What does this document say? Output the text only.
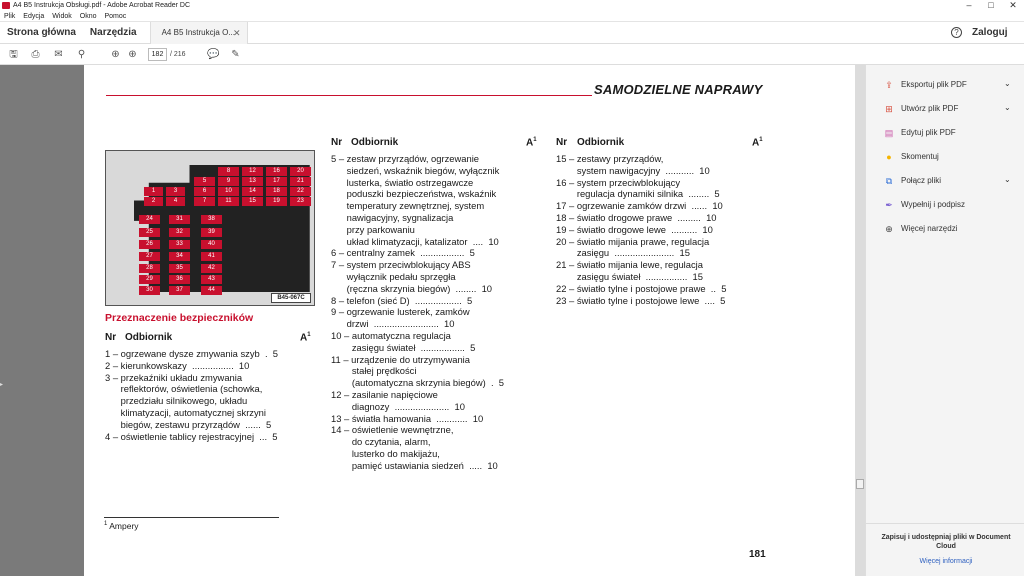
A4 B5 Instrukcja Obsługi.pdf - Adobe Acrobat Reader DC	–	□	✕
Plik Edycja Widok Okno Pomoc
Strona główna	Narzędzia	A4 B5 Instrukcja O...
✕	?	Zaloguj
🖫 ⎙ ✉ ⚲	⊕ ⊕	💬 ✎
182 / 216
▸
SAMODZIELNE NAPRAWY
8	12	16	20
5	9	13	17	21
1	3	6	10	14	18	22
2	4	7	11	15	19	23
24	31	38
25	32	39
26	33	40
27	34	41
28	35	42
29	36	43
30	37	44
B45-067C
Przeznaczenie bezpieczników
Nr Odbiornik	$A^1$
1 – ogrzewane dysze zmywania szyb  .  5
2 – kierunkowskazy  ................  10
3 – przekaźniki układu zmywania
reflektorów, oświetlenia (schowka,
przedziału silnikowego, układu
klimatyzacji, automatycznej skrzyni
biegów, zestawu przyrządów  ......  5
4 – oświetlenie tablicy rejestracyjnej  ...  5
Nr Odbiornik	$A^1$
5 – zestaw przyrządów, ogrzewanie
siedzeń, wskaźnik biegów, wyłącznik
lusterka, światło ostrzegawcze
poduszki bezpieczeństwa, wskaźnik
temperatury zewnętrznej, system
nawigacyjny, sygnalizacja
przy parkowaniu
układ klimatyzacji, katalizator  ....  10
6 – centralny zamek  .................  5
7 – system przeciwblokujący ABS
wyłącznik pedału sprzęgła
(ręczna skrzynia biegów)  ........  10
8 – telefon (sieć D)  ..................  5
9 – ogrzewanie lusterek, zamków
drzwi  .........................  10
10 – automatyczna regulacja
zasięgu świateł  .................  5
11 – urządzenie do utrzymywania
stałej prędkości
(automatyczna skrzynia biegów)  .  5
12 – zasilanie napięciowe
diagnozy  .....................  10
13 – światła hamowania  ............  10
14 – oświetlenie wewnętrzne,
do czytania, alarm,
lusterko do makijażu,
pamięć ustawiania siedzeń  .....  10
Nr Odbiornik	$A^1$
15 – zestawy przyrządów,
system nawigacyjny  ...........  10
16 – system przeciwblokujący
regulacja dynamiki silnika  ........  5
17 – ogrzewanie zamków drzwi  ......  10
18 – światło drogowe prawe  .........  10
19 – światło drogowe lewe  ..........  10
20 – światło mijania prawe, regulacja
zasięgu  .......................  15
21 – światło mijania lewe, regulacja
zasięgu świateł  ................  15
22 – światło tylne i postojowe prawe  ..  5
23 – światło tylne i postojowe lewe  ....  5
$^1$ Ampery
181
⇪ Eksportuj plik PDF	⌄
⊞ Utwórz plik PDF	⌄
▤ Edytuj plik PDF
● Skomentuj
⧉ Połącz pliki	⌄
✒ Wypełnij i podpisz
⊕ Więcej narzędzi
Zapisuj i udostępniaj pliki w Document Cloud
Więcej informacji
